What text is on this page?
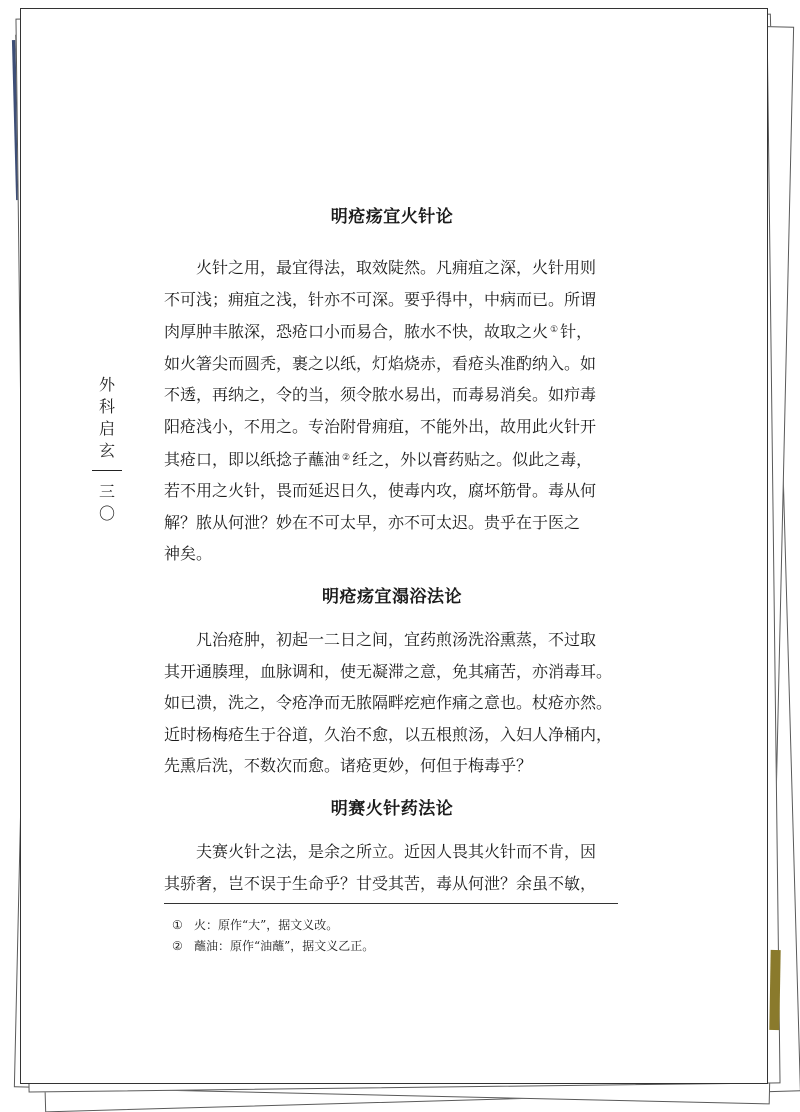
外
科
启
玄
三
〇
明疮疡宜火针论
火针之用，最宜得法，取效陡然。凡痈疽之深，火针用则
不可浅；痈疽之浅，针亦不可深。要乎得中，中病而已。所谓
肉厚肿丰脓深，恐疮口小而易合，脓水不快，故取之火 ① 针，
如火箸尖而圆秃，裹之以纸，灯焰烧赤，看疮头准酌纳入。如
不透，再纳之，令的当，须令脓水易出，而毒易消矣。如疖毒
阳疮浅小，不用之。专治附骨痈疽，不能外出，故用此火针开
其疮口，即以纸捻子蘸油 ② 纴之，外以膏药贴之。似此之毒，
若不用之火针，畏而延迟日久，使毒内攻，腐坏筋骨。毒从何
解？脓从何泄？妙在不可太早，亦不可太迟。贵乎在于医之
神矣。
明疮疡宜溻浴法论
凡治疮肿，初起一二日之间，宜药煎汤洗浴熏蒸，不过取
其开通腠理，血脉调和，使无凝滞之意，免其痛苦，亦消毒耳。
如已溃，洗之，令疮净而无脓隔畔疙疤作痛之意也。杖疮亦然。
近时杨梅疮生于谷道，久治不愈，以五根煎汤，入妇人净桶内，
先熏后洗，不数次而愈。诸疮更妙，何但于梅毒乎？
明赛火针药法论
夫赛火针之法，是余之所立。近因人畏其火针而不肯，因
其骄奢，岂不误于生命乎？甘受其苦，毒从何泄？余虽不敏，
① 火：原作“大”，据文义改。
② 蘸油：原作“油蘸”，据文义乙正。
